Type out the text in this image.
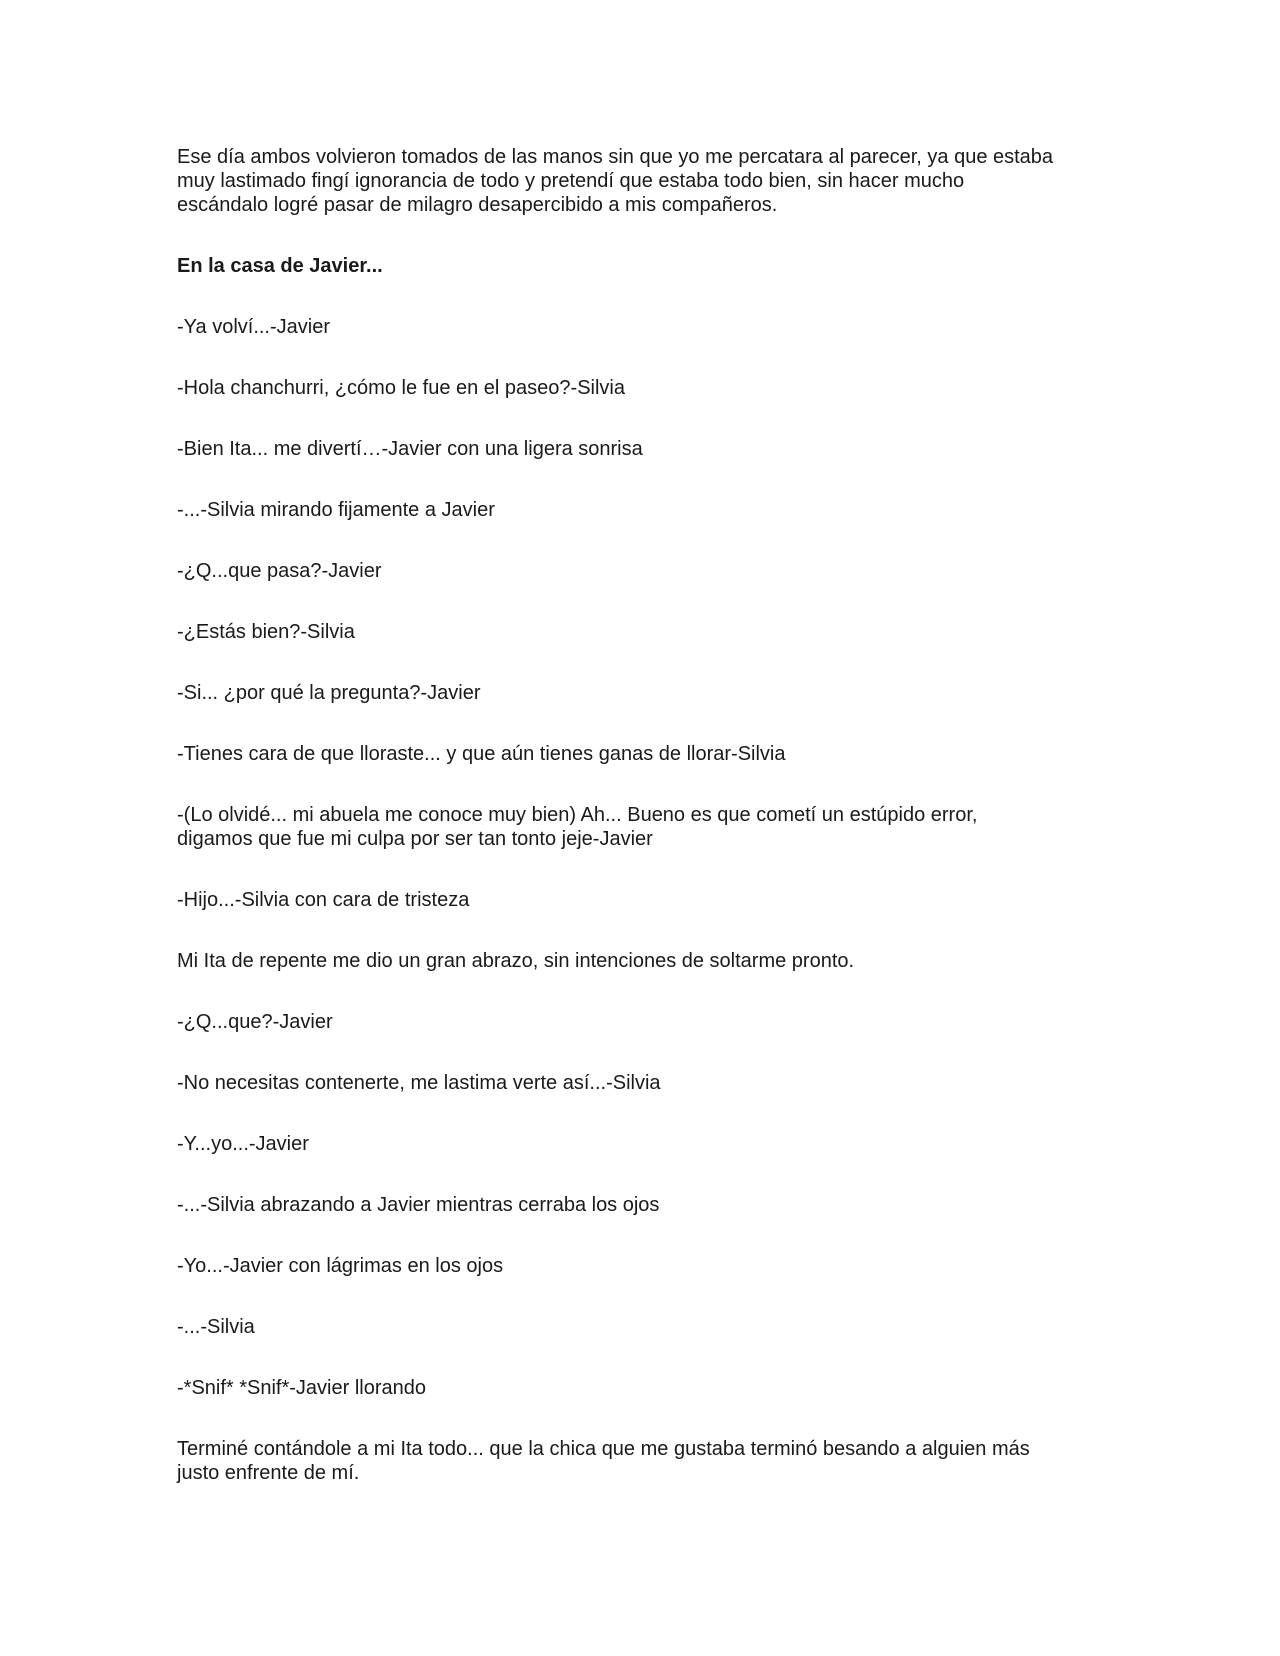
Ese día ambos volvieron tomados de las manos sin que yo me percatara al parecer, ya que estaba
muy lastimado fingí ignorancia de todo y pretendí que estaba todo bien, sin hacer mucho
escándalo logré pasar de milagro desapercibido a mis compañeros.

En la casa de Javier...

-Ya volví...-Javier

-Hola chanchurri, ¿cómo le fue en el paseo?-Silvia

-Bien Ita... me divertí…-Javier con una ligera sonrisa

-...-Silvia mirando fijamente a Javier

-¿Q...que pasa?-Javier

-¿Estás bien?-Silvia

-Si... ¿por qué la pregunta?-Javier

-Tienes cara de que lloraste... y que aún tienes ganas de llorar-Silvia

-(Lo olvidé... mi abuela me conoce muy bien) Ah... Bueno es que cometí un estúpido error,
digamos que fue mi culpa por ser tan tonto jeje-Javier

-Hijo...-Silvia con cara de tristeza

Mi Ita de repente me dio un gran abrazo, sin intenciones de soltarme pronto.

-¿Q...que?-Javier

-No necesitas contenerte, me lastima verte así...-Silvia

-Y...yo...-Javier

-...-Silvia abrazando a Javier mientras cerraba los ojos

-Yo...-Javier con lágrimas en los ojos

-...-Silvia

-*Snif* *Snif*-Javier llorando

Terminé contándole a mi Ita todo... que la chica que me gustaba terminó besando a alguien más
justo enfrente de mí.
